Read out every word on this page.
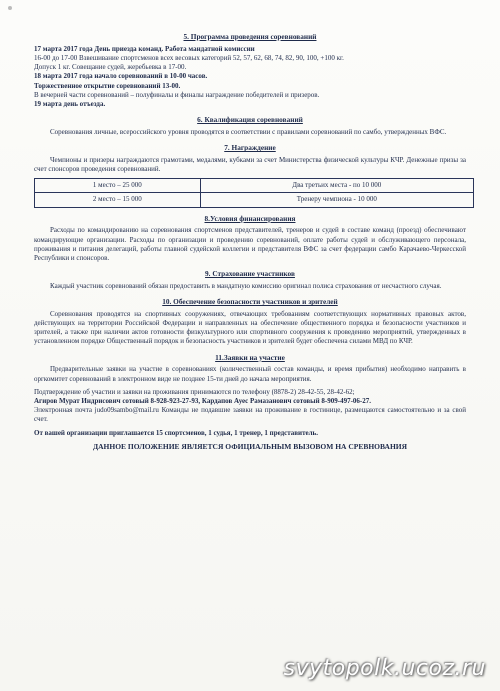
5. Программа проведения соревнований

17 марта 2017 года День приезда команд. Работа мандатной комиссии

16-00 до 17-00 Взвешивание спортсменов всех весовых категорий 52, 57, 62, 68, 74, 82, 90, 100, +100 кг.

Допуск 1 кг. Совещание судей, жеребьевка в 17-00.

18 марта 2017 года начало соревнований в 10-00 часов.

Торжественное открытие соревнований 13-00.

В вечерней части соревнований – полуфиналы и финалы награждение победителей и призеров.

19 марта день отъезда.

6. Квалификация соревнований

Соревнования личные, всероссийского уровня проводятся в соответствии с правилами соревнований по самбо, утвержденных ВФС.

7. Награждение

Чемпионы и призеры награждаются грамотами, медалями, кубками за счет Министерства физической культуры КЧР. Денежные призы за счет спонсоров проведения соревнований.

1 место – 25 000	Два третьих места - по 10 000
2 место – 15 000	Тренеру чемпиона - 10 000
8.Условия финансирования

Расходы по командированию на соревнования спортсменов представителей, тренеров и судей в составе команд (проезд) обеспечивают командирующие организации. Расходы по организации и проведению соревнований, оплате работы судей и обслуживающего персонала, проживания и питания делегаций, работы главной судейской коллегии и представителя ВФС за счет федерации самбо Карачаево-Черкесской Республики и спонсоров.

9. Страхование участников

Каждый участник соревнований обязан предоставить в мандатную комиссию оригинал полиса страхования от несчастного случая.

10. Обеспечение безопасности участников и зрителей

Соревнования проводятся на спортивных сооружениях, отвечающих требованиям соответствующих нормативных правовых актов, действующих на территории Российской Федерации и направленных на обеспечение общественного порядка и безопасности участников и зрителей, а также при наличии актов готовности физкультурного или спортивного сооружения к проведению мероприятий, утвержденных в установленном порядке Общественный порядок и безопасность участников и зрителей будет обеспечена силами МВД по КЧР.

11.Заявки на участие

Предварительные заявки на участие в соревнованиях (количественный состав команды, и время прибытия) необходимо направить в оргкомитет соревнований в электронном виде не позднее 15-ти дней до начала мероприятия.

Подтверждение об участии и заявки на проживания принимаются по телефону (8878-2) 28-42-55, 28-42-62;

Агиров Мурат Индрисович сотовый 8-928-923-27-93, Кардапов Ауес Рамазанович сотовый 8-909-497-06-27.

Электронная почта judo09sambo@mail.ru Команды не подавшие заявки на проживание в гостинице, размещаются самостоятельно и за свой счет.

От вашей организации приглашается 15 спортсменов, 1 судья, 1 тренер, 1 представитель.

ДАННОЕ ПОЛОЖЕНИЕ ЯВЛЯЕТСЯ ОФИЦИАЛЬНЫМ ВЫЗОВОМ НА СРЕВНОВАНИЯ

svytopolk.ucoz.ru
